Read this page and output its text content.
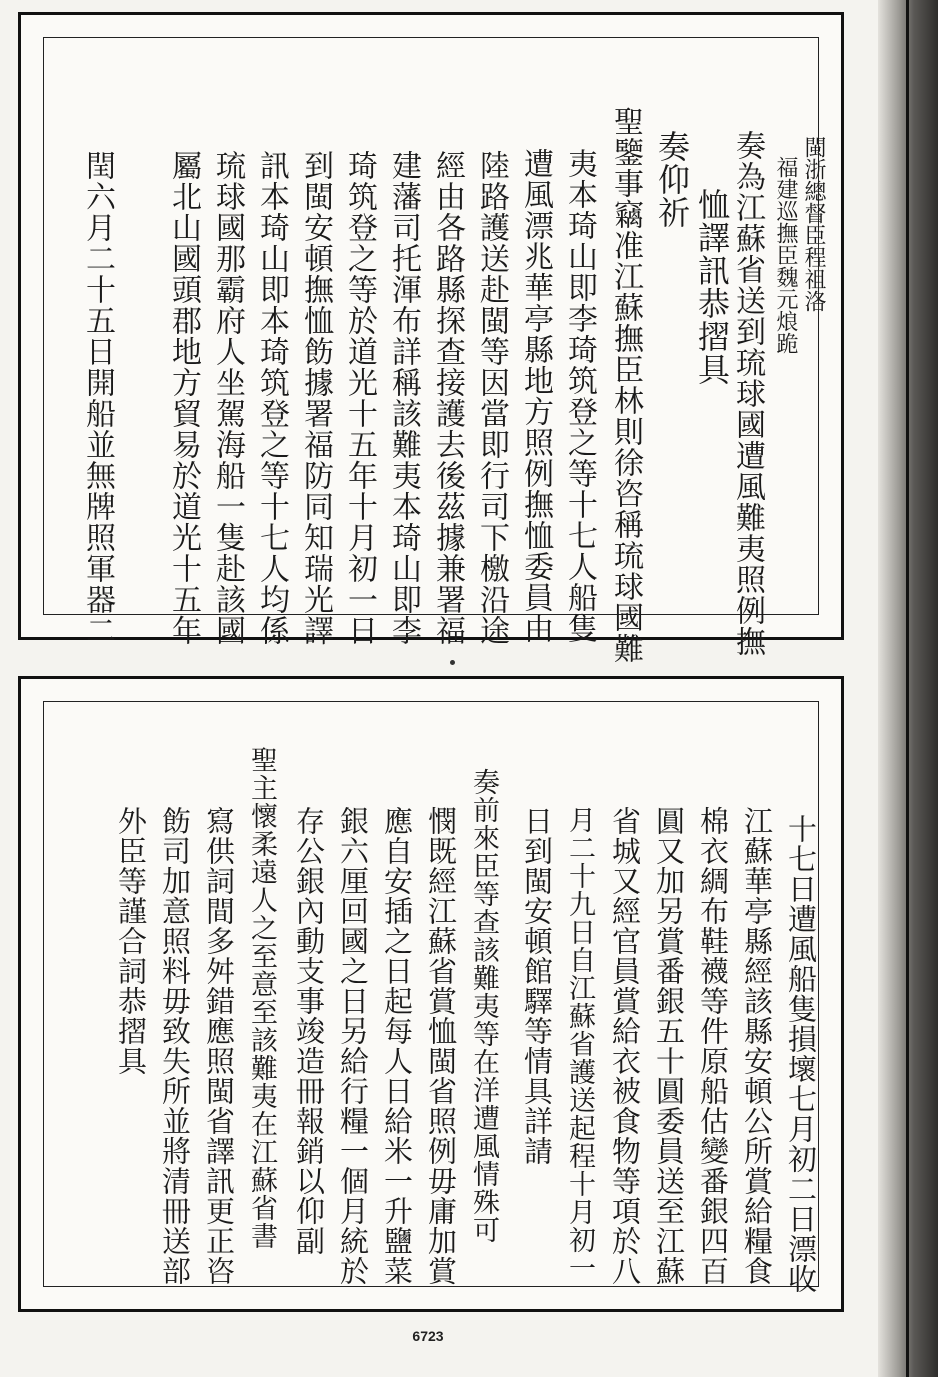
閩浙總督臣程祖洛
福建巡撫臣魏元烺跪
奏為江蘇省送到琉球國遭風難夷照例撫
恤譯訊恭摺具
奏仰祈
聖鑒事竊准江蘇撫臣林則徐咨稱琉球國難
夷本琦山即李琦筑登之等十七人船隻
遭風漂兆華亭縣地方照例撫恤委員由
陸路護送赴閩等因當即行司下檄沿途
經由各路縣探查接護去後茲據兼署福
建藩司托渾布詳稱該難夷本琦山即李
琦筑登之等於道光十五年十月初一日
到閩安頓撫恤飭據署福防同知瑞光譯
訊本琦山即本琦筑登之等十七人均係
琉球國那霸府人坐駕海船一隻赴該國
屬北山國頭郡地方貿易於道光十五年
閏六月二十五日開船並無牌照軍器二
十七日遭風船隻損壞七月初二日漂收
江蘇華亭縣經該縣安頓公所賞給糧食
棉衣綢布鞋襪等件原船估變番銀四百
圓又加另賞番銀五十圓委員送至江蘇
省城又經官員賞給衣被食物等項於八
月二十九日自江蘇省護送起程十月初一
日到閩安頓館驛等情具詳請
奏前來臣等查該難夷等在洋遭風情殊可
憫既經江蘇省賞恤閩省照例毋庸加賞
應自安插之日起每人日給米一升鹽菜
銀六厘回國之日另給行糧一個月統於
存公銀內動支事竣造冊報銷以仰副
聖主懷柔遠人之至意至該難夷在江蘇省書
寫供詞間多舛錯應照閩省譯訊更正咨
飭司加意照料毋致失所並將清冊送部
外臣等謹合詞恭摺具
6723
